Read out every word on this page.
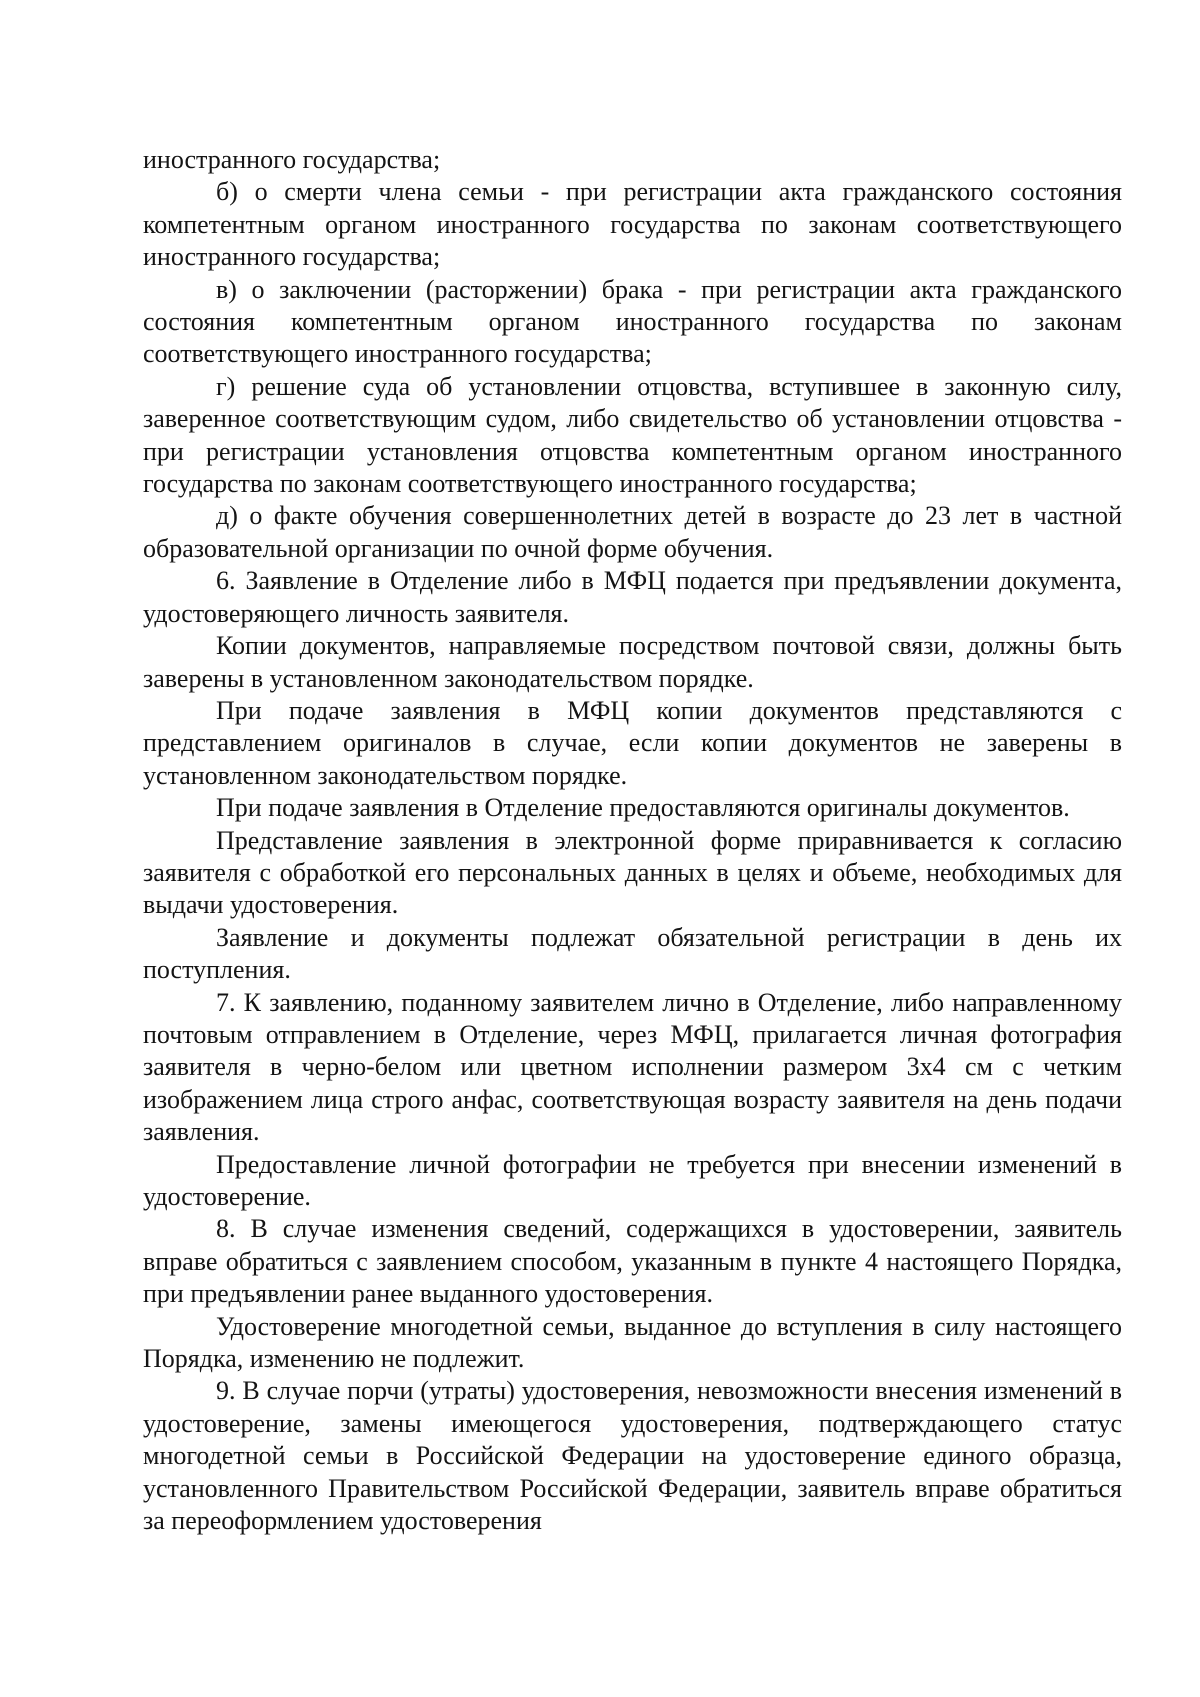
иностранного государства;

б) о смерти члена семьи - при регистрации акта гражданского состояния компетентным органом иностранного государства по законам соответствующего иностранного государства;

в) о заключении (расторжении) брака - при регистрации акта гражданского состояния компетентным органом иностранного государства по законам соответствующего иностранного государства;

г) решение суда об установлении отцовства, вступившее в законную силу, заверенное соответствующим судом, либо свидетельство об установлении отцовства - при регистрации установления отцовства компетентным органом иностранного государства по законам соответствующего иностранного государства;

д) о факте обучения совершеннолетних детей в возрасте до 23 лет в частной образовательной организации по очной форме обучения.

6. Заявление в Отделение либо в МФЦ подается при предъявлении документа, удостоверяющего личность заявителя.

Копии документов, направляемые посредством почтовой связи, должны быть заверены в установленном законодательством порядке.

При подаче заявления в МФЦ копии документов представляются с представлением оригиналов в случае, если копии документов не заверены в установленном законодательством порядке.

При подаче заявления в Отделение предоставляются оригиналы документов.

Представление заявления в электронной форме приравнивается к согласию заявителя с обработкой его персональных данных в целях и объеме, необходимых для выдачи удостоверения.

Заявление и документы подлежат обязательной регистрации в день их поступления.

7. К заявлению, поданному заявителем лично в Отделение, либо направленному почтовым отправлением в Отделение, через МФЦ, прилагается личная фотография заявителя в черно-белом или цветном исполнении размером 3х4 см с четким изображением лица строго анфас, соответствующая возрасту заявителя на день подачи заявления.

Предоставление личной фотографии не требуется при внесении изменений в удостоверение.

8. В случае изменения сведений, содержащихся в удостоверении, заявитель вправе обратиться с заявлением способом, указанным в пункте 4 настоящего Порядка, при предъявлении ранее выданного удостоверения.

Удостоверение многодетной семьи, выданное до вступления в силу настоящего Порядка, изменению не подлежит.

9. В случае порчи (утраты) удостоверения, невозможности внесения изменений в удостоверение, замены имеющегося удостоверения, подтверждающего статус многодетной семьи в Российской Федерации на удостоверение единого образца, установленного Правительством Российской Федерации, заявитель вправе обратиться за переоформлением удостоверения
